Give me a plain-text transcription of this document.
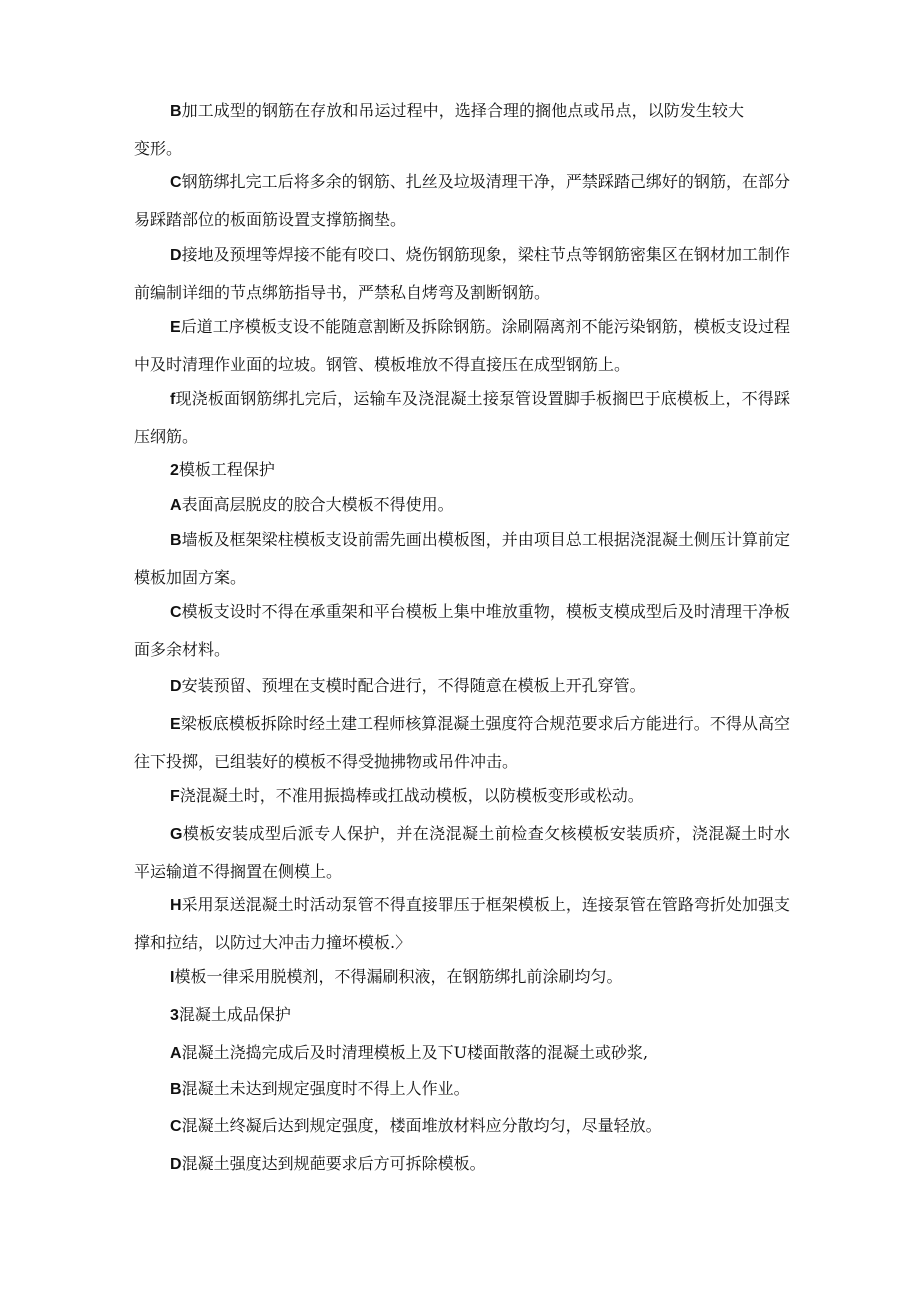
B加工成型的钢筋在存放和吊运过程中，选择合理的搁他点或吊点，以防发生较大变形。

C钢筋绑扎完工后将多余的钢筋、扎丝及垃圾清理干净，严禁踩踏己绑好的钢筋，在部分易踩踏部位的板面筋设置支撑筋搁垫。

D接地及预埋等焊接不能有咬口、烧伤钢筋现象，梁柱节点等钢筋密集区在钢材加工制作前编制详细的节点绑筋指导书，严禁私自烤弯及割断钢筋。

E后道工序模板支设不能随意割断及拆除钢筋。涂刷隔离剂不能污染钢筋，模板支设过程中及时清理作业面的垃坡。钢管、模板堆放不得直接压在成型钢筋上。

f现浇板面钢筋绑扎完后，运输车及浇混凝土接泵管设置脚手板搁巴于底模板上，不得踩压纲筋。

2模板工程保护

A表面高层脱皮的胶合大模板不得使用。

B墙板及框架梁柱模板支设前需先画出模板图，并由项目总工根据浇混凝土侧压计算前定模板加固方案。

C模板支设时不得在承重架和平台模板上集中堆放重物，模板支模成型后及时清理干净板面多余材料。

D安装预留、预埋在支模时配合进行，不得随意在模板上开孔穿管。

E梁板底模板拆除时经土建工程师核算混凝土强度符合规范要求后方能进行。不得从高空往下投掷，已组装好的模板不得受抛拂物或吊件冲击。

F浇混凝土时，不准用振捣棒或扛战动模板，以防模板变形或松动。

G模板安装成型后派专人保护，并在浇混凝土前检查攵核模板安装质疥，浇混凝土时水平运输道不得搁置在侧模上。

H采用泵送混凝土时活动泵管不得直接罪压于框架模板上，连接泵管在管路弯折处加强支撑和拉结，以防过大冲击力撞坏模板.〉

I模板一律采用脱模剂，不得漏刷积液，在钢筋绑扎前涂刷均匀。

3混凝土成品保护

A混凝土浇捣完成后及时清理模板上及下U楼面散落的混凝土或砂浆,

B混凝土未达到规定强度时不得上人作业。

C混凝土终凝后达到规定强度，楼面堆放材料应分散均匀，尽量轻放。

D混凝土强度达到规葩要求后方可拆除模板。
